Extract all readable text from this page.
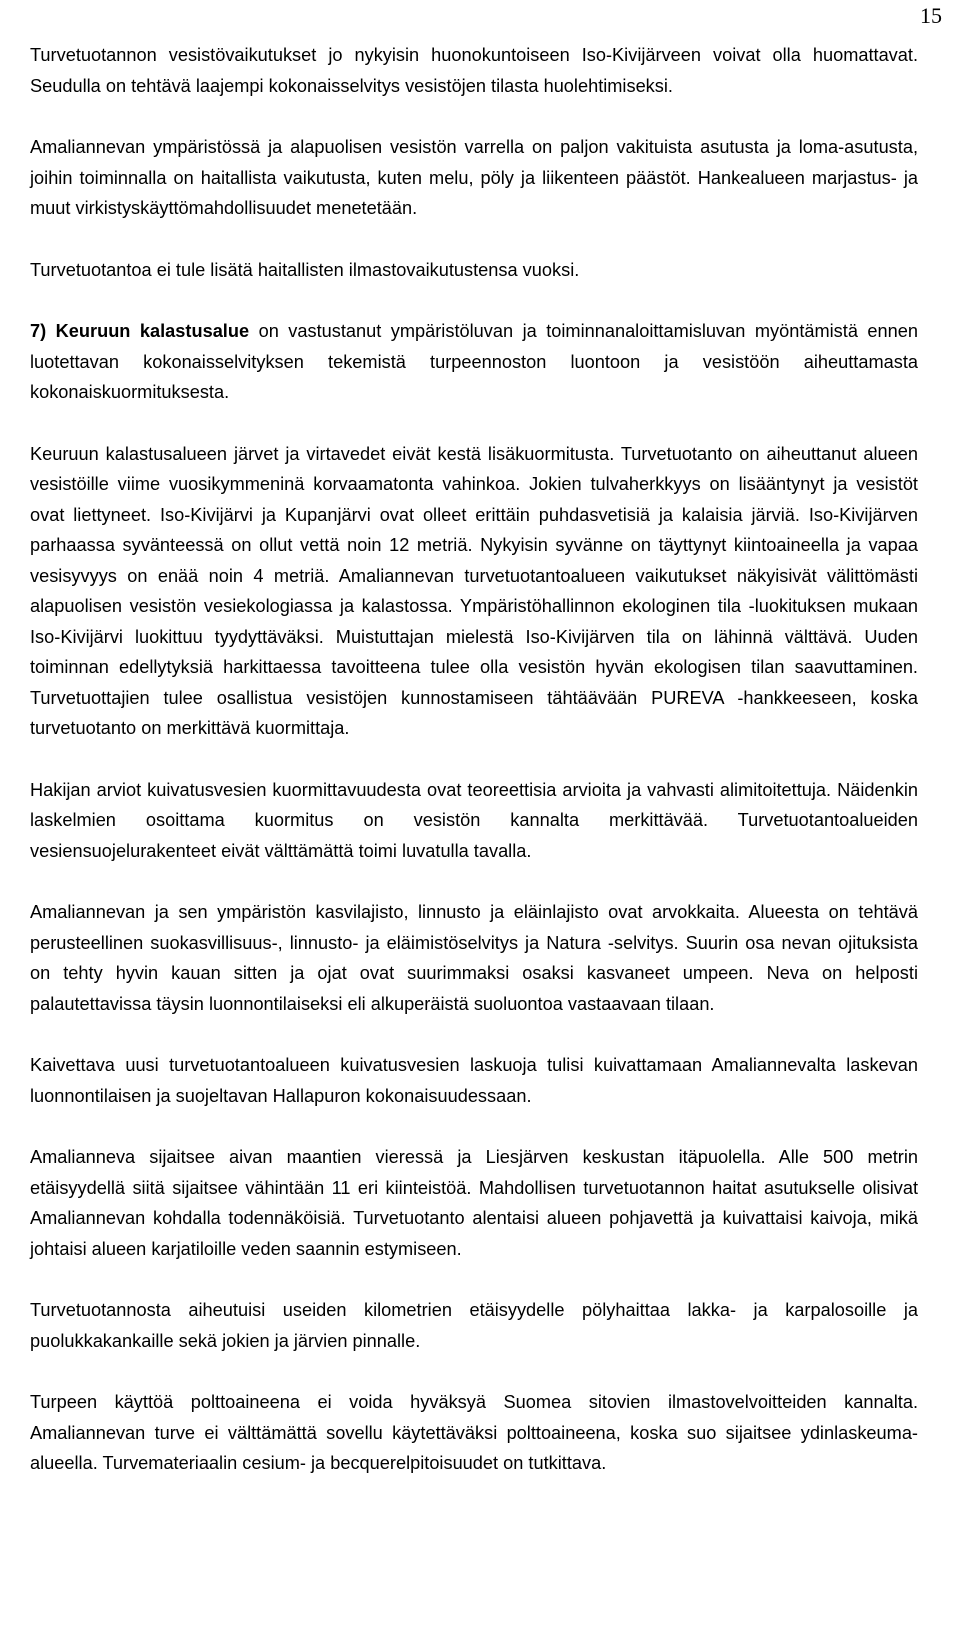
15

Turvetuotannon vesistövaikutukset jo nykyisin huonokuntoiseen Iso-Kivijärveen voivat olla huomattavat. Seudulla on tehtävä laajempi kokonaisselvitys vesistöjen tilasta huolehtimiseksi.

Amaliannevan ympäristössä ja alapuolisen vesistön varrella on paljon vakituista asutusta ja loma-asutusta, joihin toiminnalla on haitallista vaikutusta, kuten melu, pöly ja liikenteen päästöt. Hankealueen marjastus- ja muut virkistyskäyttömahdollisuudet menetetään.

Turvetuotantoa ei tule lisätä haitallisten ilmastovaikutustensa vuoksi.

7) Keuruun kalastusalue on vastustanut ympäristöluvan ja toiminnanaloittamisluvan myöntämistä ennen luotettavan kokonaisselvityksen tekemistä turpeennoston luontoon ja vesistöön aiheuttamasta kokonaiskuormituksesta.

Keuruun kalastusalueen järvet ja virtavedet eivät kestä lisäkuormitusta. Turvetuotanto on aiheuttanut alueen vesistöille viime vuosikymmeninä korvaamatonta vahinkoa. Jokien tulvaherkkyys on lisääntynyt ja vesistöt ovat liettyneet. Iso-Kivijärvi ja Kupanjärvi ovat olleet erittäin puhdasvetisiä ja kalaisia järviä. Iso-Kivijärven parhaassa syvänteessä on ollut vettä noin 12 metriä. Nykyisin syvänne on täyttynyt kiintoaineella ja vapaa vesisyvyys on enää noin 4 metriä. Amaliannevan turvetuotantoalueen vaikutukset näkyisivät välittömästi alapuolisen vesistön vesiekologiassa ja kalastossa. Ympäristöhallinnon ekologinen tila -luokituksen mukaan Iso-Kivijärvi luokittuu tyydyttäväksi. Muistuttajan mielestä Iso-Kivijärven tila on lähinnä välttävä. Uuden toiminnan edellytyksiä harkittaessa tavoitteena tulee olla vesistön hyvän ekologisen tilan saavuttaminen. Turvetuottajien tulee osallistua vesistöjen kunnostamiseen tähtäävään PUREVA -hankkeeseen, koska turvetuotanto on merkittävä kuormittaja.

Hakijan arviot kuivatusvesien kuormittavuudesta ovat teoreettisia arvioita ja vahvasti alimitoitettuja. Näidenkin laskelmien osoittama kuormitus on vesistön kannalta merkittävää. Turvetuotantoalueiden vesiensuojelurakenteet eivät välttämättä toimi luvatulla tavalla.

Amaliannevan ja sen ympäristön kasvilajisto, linnusto ja eläinlajisto ovat arvokkaita. Alueesta on tehtävä perusteellinen suokasvillisuus-, linnusto- ja eläimistöselvitys ja Natura -selvitys. Suurin osa nevan ojituksista on tehty hyvin kauan sitten ja ojat ovat suurimmaksi osaksi kasvaneet umpeen. Neva on helposti palautettavissa täysin luonnontilaiseksi eli alkuperäistä suoluontoa vastaavaan tilaan.

Kaivettava uusi turvetuotantoalueen kuivatusvesien laskuoja tulisi kuivattamaan Amaliannevalta laskevan luonnontilaisen ja suojeltavan Hallapuron kokonaisuudessaan.

Amalianneva sijaitsee aivan maantien vieressä ja Liesjärven keskustan itäpuolella. Alle 500 metrin etäisyydellä siitä sijaitsee vähintään 11 eri kiinteistöä. Mahdollisen turvetuotannon haitat asutukselle olisivat Amaliannevan kohdalla todennäköisiä. Turvetuotanto alentaisi alueen pohjavettä ja kuivattaisi kaivoja, mikä johtaisi alueen karjatiloille veden saannin estymiseen.

Turvetuotannosta aiheutuisi useiden kilometrien etäisyydelle pölyhaittaa lakka- ja karpalosoille ja puolukkakankaille sekä jokien ja järvien pinnalle.

Turpeen käyttöä polttoaineena ei voida hyväksyä Suomea sitovien ilmastovelvoitteiden kannalta. Amaliannevan turve ei välttämättä sovellu käytettäväksi polttoaineena, koska suo sijaitsee ydinlaskeuma-alueella. Turvemateriaalin cesium- ja becquerelpitoisuudet on tutkittava.
